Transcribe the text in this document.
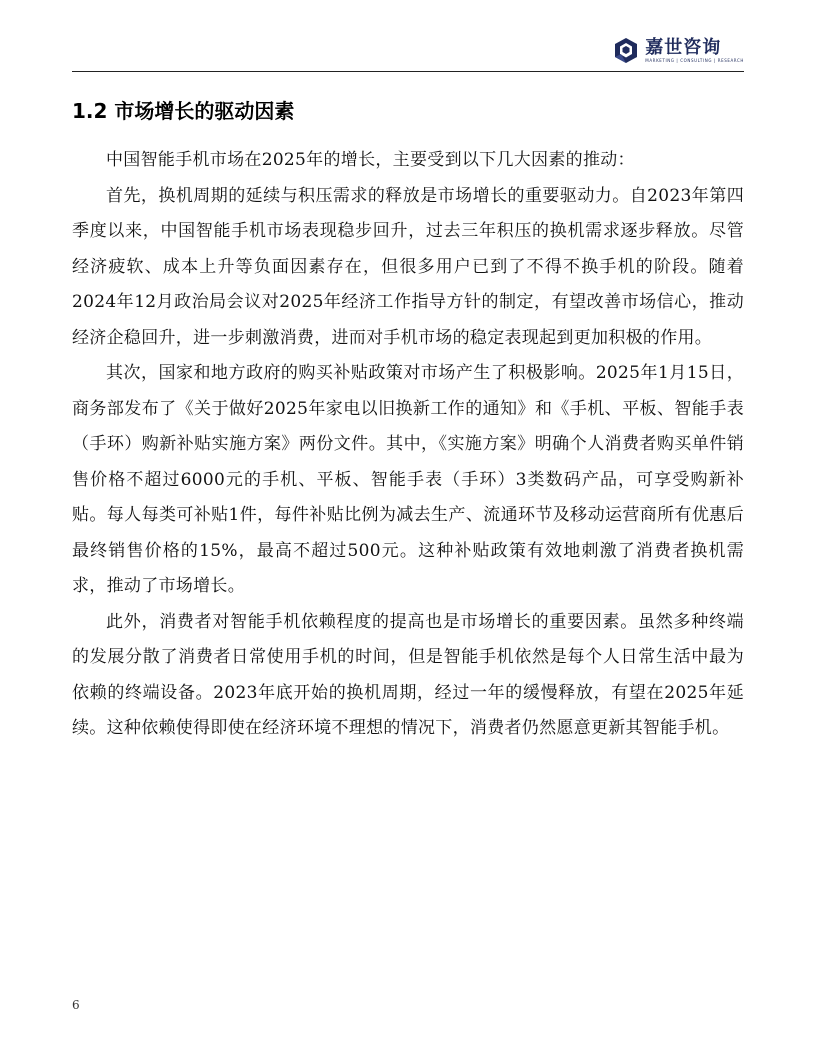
嘉世咨询
MARKETING | CONSULTING | RESEARCH
1.2 市场增长的驱动因素

中国智能手机市场在2025年的增长，主要受到以下几大因素的推动：

首先，换机周期的延续与积压需求的释放是市场增长的重要驱动力。自2023年第四季度以来，中国智能手机市场表现稳步回升，过去三年积压的换机需求逐步释放。尽管经济疲软、成本上升等负面因素存在，但很多用户已到了不得不换手机的阶段。随着2024年12月政治局会议对2025年经济工作指导方针的制定，有望改善市场信心，推动经济企稳回升，进一步刺激消费，进而对手机市场的稳定表现起到更加积极的作用。

其次，国家和地方政府的购买补贴政策对市场产生了积极影响。2025年1月15日，商务部发布了《关于做好2025年家电以旧换新工作的通知》和《手机、平板、智能手表（手环）购新补贴实施方案》两份文件。其中，《实施方案》明确个人消费者购买单件销售价格不超过6000元的手机、平板、智能手表（手环）3类数码产品，可享受购新补贴。每人每类可补贴1件，每件补贴比例为减去生产、流通环节及移动运营商所有优惠后最终销售价格的15%，最高不超过500元。这种补贴政策有效地刺激了消费者换机需求，推动了市场增长。

此外，消费者对智能手机依赖程度的提高也是市场增长的重要因素。虽然多种终端的发展分散了消费者日常使用手机的时间，但是智能手机依然是每个人日常生活中最为依赖的终端设备。2023年底开始的换机周期，经过一年的缓慢释放，有望在2025年延续。这种依赖使得即使在经济环境不理想的情况下，消费者仍然愿意更新其智能手机。

6
